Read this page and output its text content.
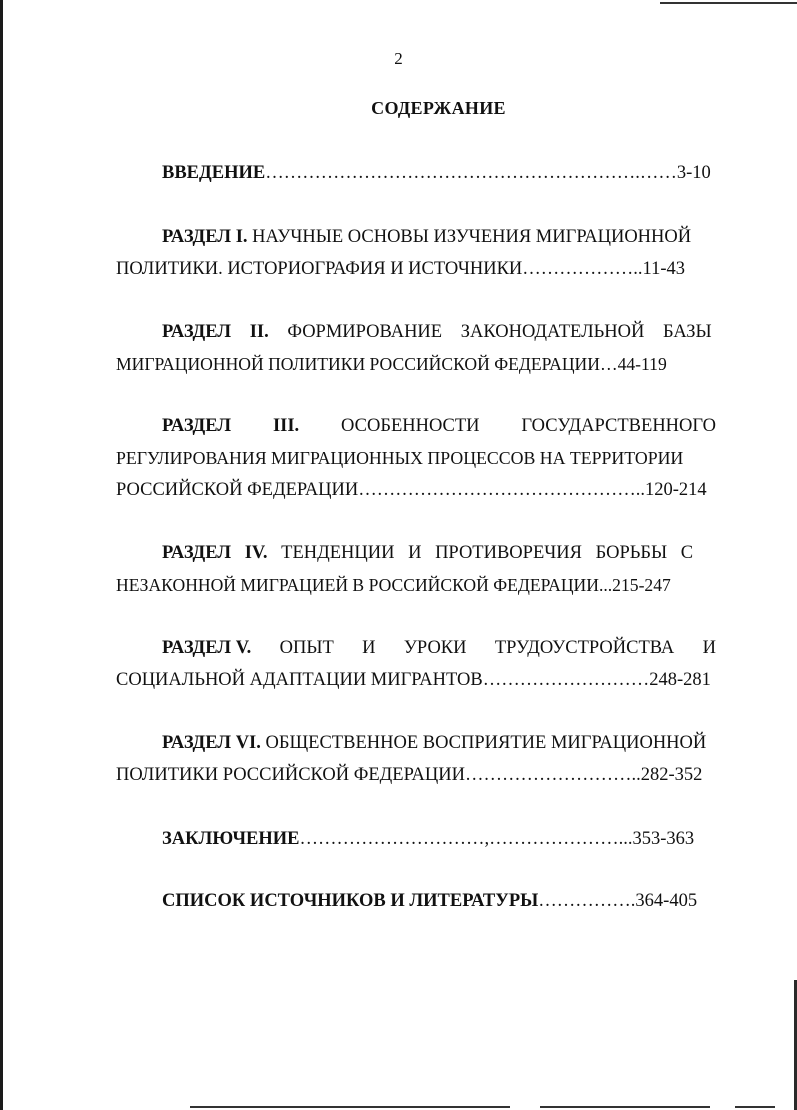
2
СОДЕРЖАНИЕ
ВВЕДЕНИЕ…………………………………………………….……3-10
РАЗДЕЛ I. НАУЧНЫЕ ОСНОВЫ ИЗУЧЕНИЯ МИГРАЦИОННОЙ
ПОЛИТИКИ. ИСТОРИОГРАФИЯ И ИСТОЧНИКИ………………..11-43
РАЗДЕЛ II. ФОРМИРОВАНИЕ ЗАКОНОДАТЕЛЬНОЙ БАЗЫ
МИГРАЦИОННОЙ ПОЛИТИКИ РОССИЙСКОЙ ФЕДЕРАЦИИ…44-119
РАЗДЕЛ III. ОСОБЕННОСТИ ГОСУДАРСТВЕННОГО
РЕГУЛИРОВАНИЯ МИГРАЦИОННЫХ ПРОЦЕССОВ НА ТЕРРИТОРИИ
РОССИЙСКОЙ ФЕДЕРАЦИИ………………………………………..120-214
РАЗДЕЛ IV. ТЕНДЕНЦИИ И ПРОТИВОРЕЧИЯ БОРЬБЫ С
НЕЗАКОННОЙ МИГРАЦИЕЙ В РОССИЙСКОЙ ФЕДЕРАЦИИ...215-247
РАЗДЕЛ V. ОПЫТ И УРОКИ ТРУДОУСТРОЙСТВА И
СОЦИАЛЬНОЙ АДАПТАЦИИ МИГРАНТОВ………………………248-281
РАЗДЕЛ VI. ОБЩЕСТВЕННОЕ ВОСПРИЯТИЕ МИГРАЦИОННОЙ
ПОЛИТИКИ РОССИЙСКОЙ ФЕДЕРАЦИИ………………………..282-352
ЗАКЛЮЧЕНИЕ…………………………,…………………...353-363
СПИСОК ИСТОЧНИКОВ И ЛИТЕРАТУРЫ…………….364-405
